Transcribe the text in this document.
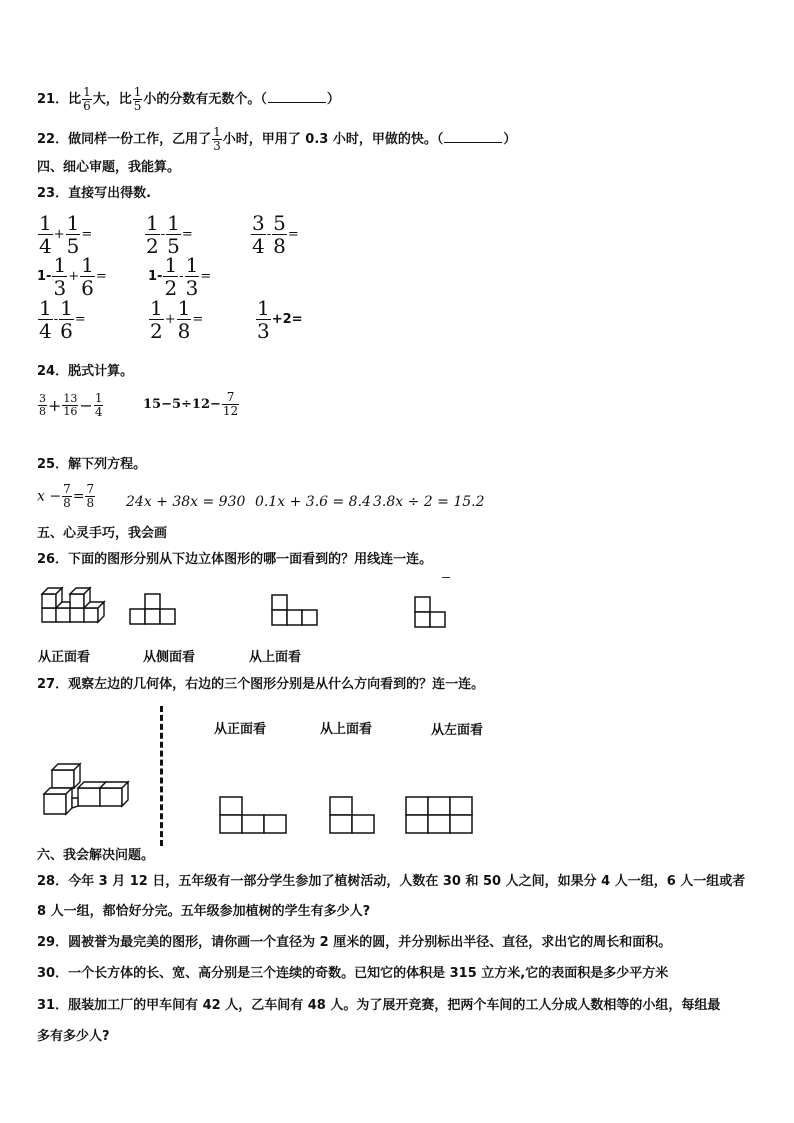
21．比 $\frac{1}{6}$ 大，比 $\frac{1}{5}$ 小的分数有无数个。（	）
22．做同样一份工作，乙用了 $\frac{1}{3}$ 小时，甲用了 0.3 小时，甲做的快。（	）
四、细心审题，我能算。
23．直接写出得数.
$\frac{1}{4} + \frac{1}{5}$ =	$\frac{1}{2} - \frac{1}{5}$ =	$\frac{3}{4} - \frac{5}{8}$ =
$1- \frac{1}{3} + \frac{1}{6}$ =	$1- \frac{1}{2} - \frac{1}{3}$ =
$\frac{1}{4} - \frac{1}{6}$ =	$\frac{1}{2} + \frac{1}{8}$ =	$\frac{1}{3} +2=$
24．脱式计算。
$\frac{3}{8} + \frac{13}{16} - \frac{1}{4}$	$15-5\div 12- \frac{7}{12}$
25．解下列方程。
$x - \frac{7}{8} = \frac{7}{8} 24x + 38x = 930$ 0.1x + 3.6 = 8.4 3.8x ÷ 2 = 15.2
五、心灵手巧，我会画
26．下面的图形分别从下边立体图形的哪一面看到的？用线连一连。
从正面看	从侧面看	从上面看
27．观察左边的几何体，右边的三个图形分别是从什么方向看到的？连一连。
从正面看	从上面看	从左面看
六、我会解决问题。
28．今年 3 月 12 日，五年级有一部分学生参加了植树活动，人数在 30 和 50 人之间，如果分 4 人一组，6 人一组或者
8 人一组，都恰好分完。五年级参加植树的学生有多少人?
29．圆被誉为最完美的图形，请你画一个直径为 2 厘米的圆，并分别标出半径、直径，求出它的周长和面积。
30．一个长方体的长、宽、高分别是三个连续的奇数。已知它的体积是 315 立方米,它的表面积是多少平方米
31．服装加工厂的甲车间有 42 人，乙车间有 48 人。为了展开竞赛，把两个车间的工人分成人数相等的小组，每组最
多有多少人?
